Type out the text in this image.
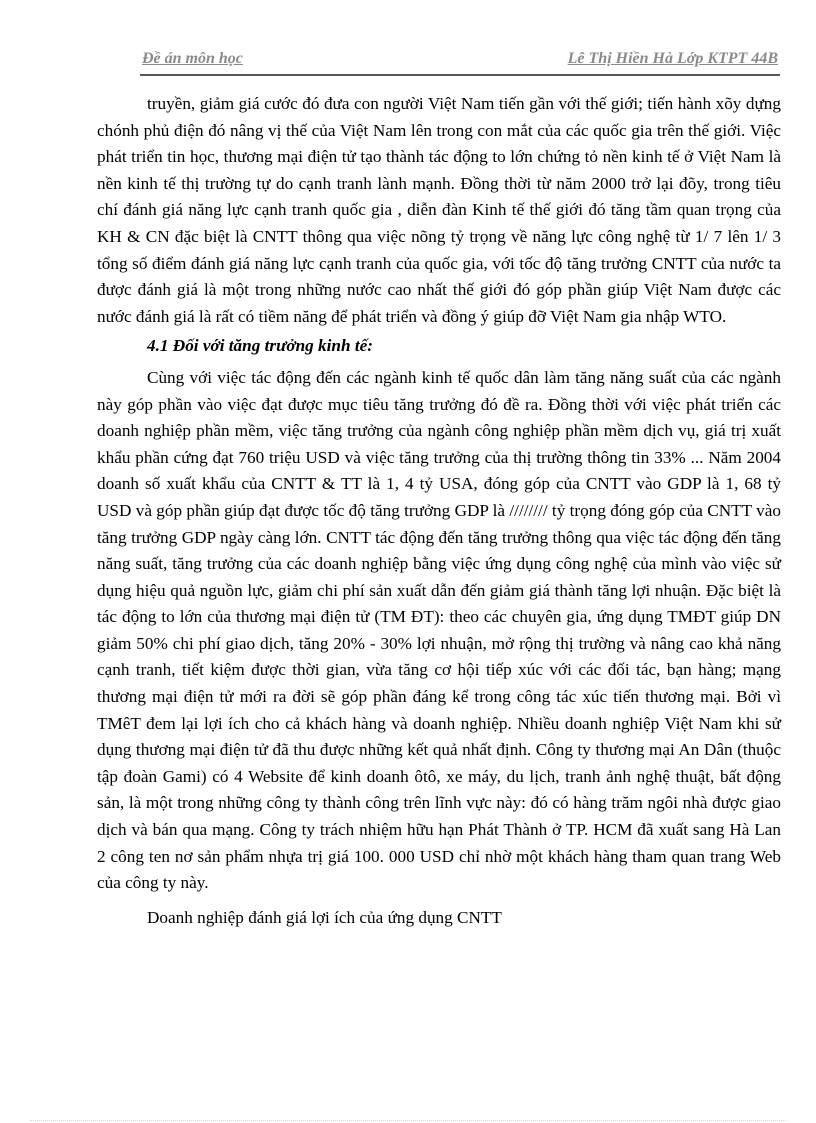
Đề án môn học	Lê Thị Hiền Hà Lớp KTPT 44B

truyền, giảm giá cước đó đưa con người Việt Nam tiến gần với thế giới; tiến hành xõy dựng chónh phủ điện đó nâng vị thế của Việt Nam lên trong con mắt của các quốc gia trên thế giới. Việc phát triển tin học, thương mại điện tử tạo thành tác động to lớn chứng tỏ nền kinh tế ở Việt Nam là nền kinh tế thị trường tự do cạnh tranh lành mạnh. Đồng thời từ năm 2000 trở lại đõy, trong tiêu chí đánh giá năng lực cạnh tranh quốc gia , diễn đàn Kinh tế thế giới đó tăng tầm quan trọng của KH & CN đặc biệt là CNTT thông qua việc nõng tỷ trọng về năng lực công nghệ từ 1/ 7 lên 1/ 3 tổng số điểm đánh giá năng lực cạnh tranh của quốc gia, với tốc độ tăng trưởng CNTT của nước ta được đánh giá là một trong những nước cao nhất thế giới đó góp phần giúp Việt Nam được các nước đánh giá là rất có tiềm năng để phát triển và đồng ý giúp đỡ Việt Nam gia nhập WTO.

4.1 Đối với tăng trưởng kinh tế:

Cùng với việc tác động đến các ngành kinh tế quốc dân làm tăng năng suất của các ngành này góp phần vào việc đạt được mục tiêu tăng trưởng đó đề ra. Đồng thời với việc phát triển các doanh nghiệp phần mềm, việc tăng trưởng của ngành công nghiệp phần mềm dịch vụ, giá trị xuất khẩu phần cứng đạt 760 triệu USD và việc tăng trưởng của thị trường thông tin 33% ... Năm 2004 doanh số xuất khẩu của CNTT & TT là 1, 4 tỷ USA, đóng góp của CNTT vào GDP là 1, 68 tỷ USD và góp phần giúp đạt được tốc độ tăng trưởng GDP là //////// tỷ trọng đóng góp của CNTT vào tăng trưởng GDP ngày càng lớn. CNTT tác động đến tăng trưởng thông qua việc tác động đến tăng năng suất, tăng trưởng của các doanh nghiệp bằng việc ứng dụng công nghệ của mình vào việc sử dụng hiệu quả nguồn lực, giảm chi phí sản xuất dẫn đến giảm giá thành tăng lợi nhuận. Đặc biệt là tác động to lớn của thương mại điện tử (TM ĐT): theo các chuyên gia, ứng dụng TMĐT giúp DN giảm 50% chi phí giao dịch, tăng 20% - 30% lợi nhuận, mở rộng thị trường và nâng cao khả năng cạnh tranh, tiết kiệm được thời gian, vừa tăng cơ hội tiếp xúc với các đối tác, bạn hàng; mạng thương mại điện tử mới ra đời sẽ góp phần đáng kể trong công tác xúc tiến thương mại. Bởi vì TMêT đem lại lợi ích cho cả khách hàng và doanh nghiệp. Nhiều doanh nghiệp Việt Nam khi sử dụng thương mại điện tử đã thu được những kết quả nhất định. Công ty thương mại An Dân (thuộc tập đoàn Gami) có 4 Website để kinh doanh ôtô, xe máy, du lịch, tranh ảnh nghệ thuật, bất động sản, là một trong những công ty thành công trên lĩnh vực này: đó có hàng trăm ngôi nhà được giao dịch và bán qua mạng. Công ty trách nhiệm hữu hạn Phát Thành ở TP. HCM đã xuất sang Hà Lan 2 công ten nơ sản phẩm nhựa trị giá 100. 000 USD chỉ nhờ một khách hàng tham quan trang Web của công ty này.

Doanh nghiệp đánh giá lợi ích của ứng dụng CNTT
